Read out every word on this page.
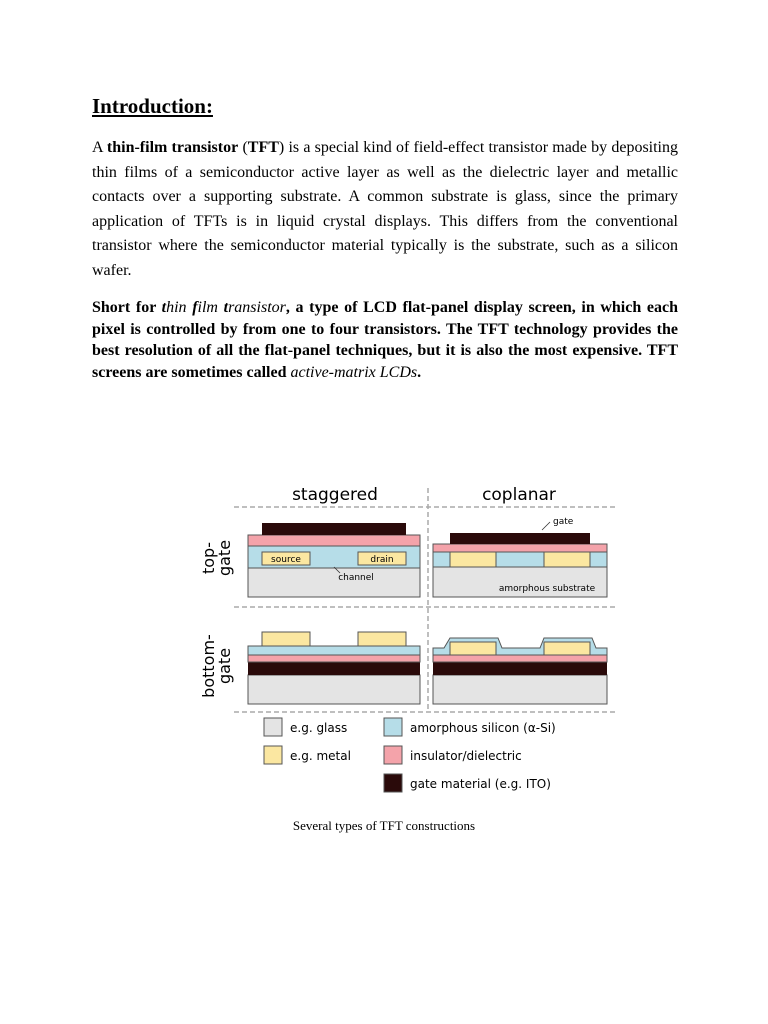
Introduction:

A thin-film transistor (TFT) is a special kind of field-effect transistor made by depositing thin films of a semiconductor active layer as well as the dielectric layer and metallic contacts over a supporting substrate. A common substrate is glass, since the primary application of TFTs is in liquid crystal displays. This differs from the conventional transistor where the semiconductor material typically is the substrate, such as a silicon wafer.

Short for thin film transistor, a type of LCD flat-panel display screen, in which each pixel is controlled by from one to four transistors. The TFT technology provides the best resolution of all the flat-panel techniques, but it is also the most expensive. TFT screens are sometimes called active-matrix LCDs.

staggered	coplanar
top-
gate
bottom-
gate
source	drain
channel
gate
amorphous substrate
e.g. glass
e.g. metal
amorphous silicon (α-Si)
insulator/dielectric
gate material (e.g. ITO)

Several types of TFT constructions
